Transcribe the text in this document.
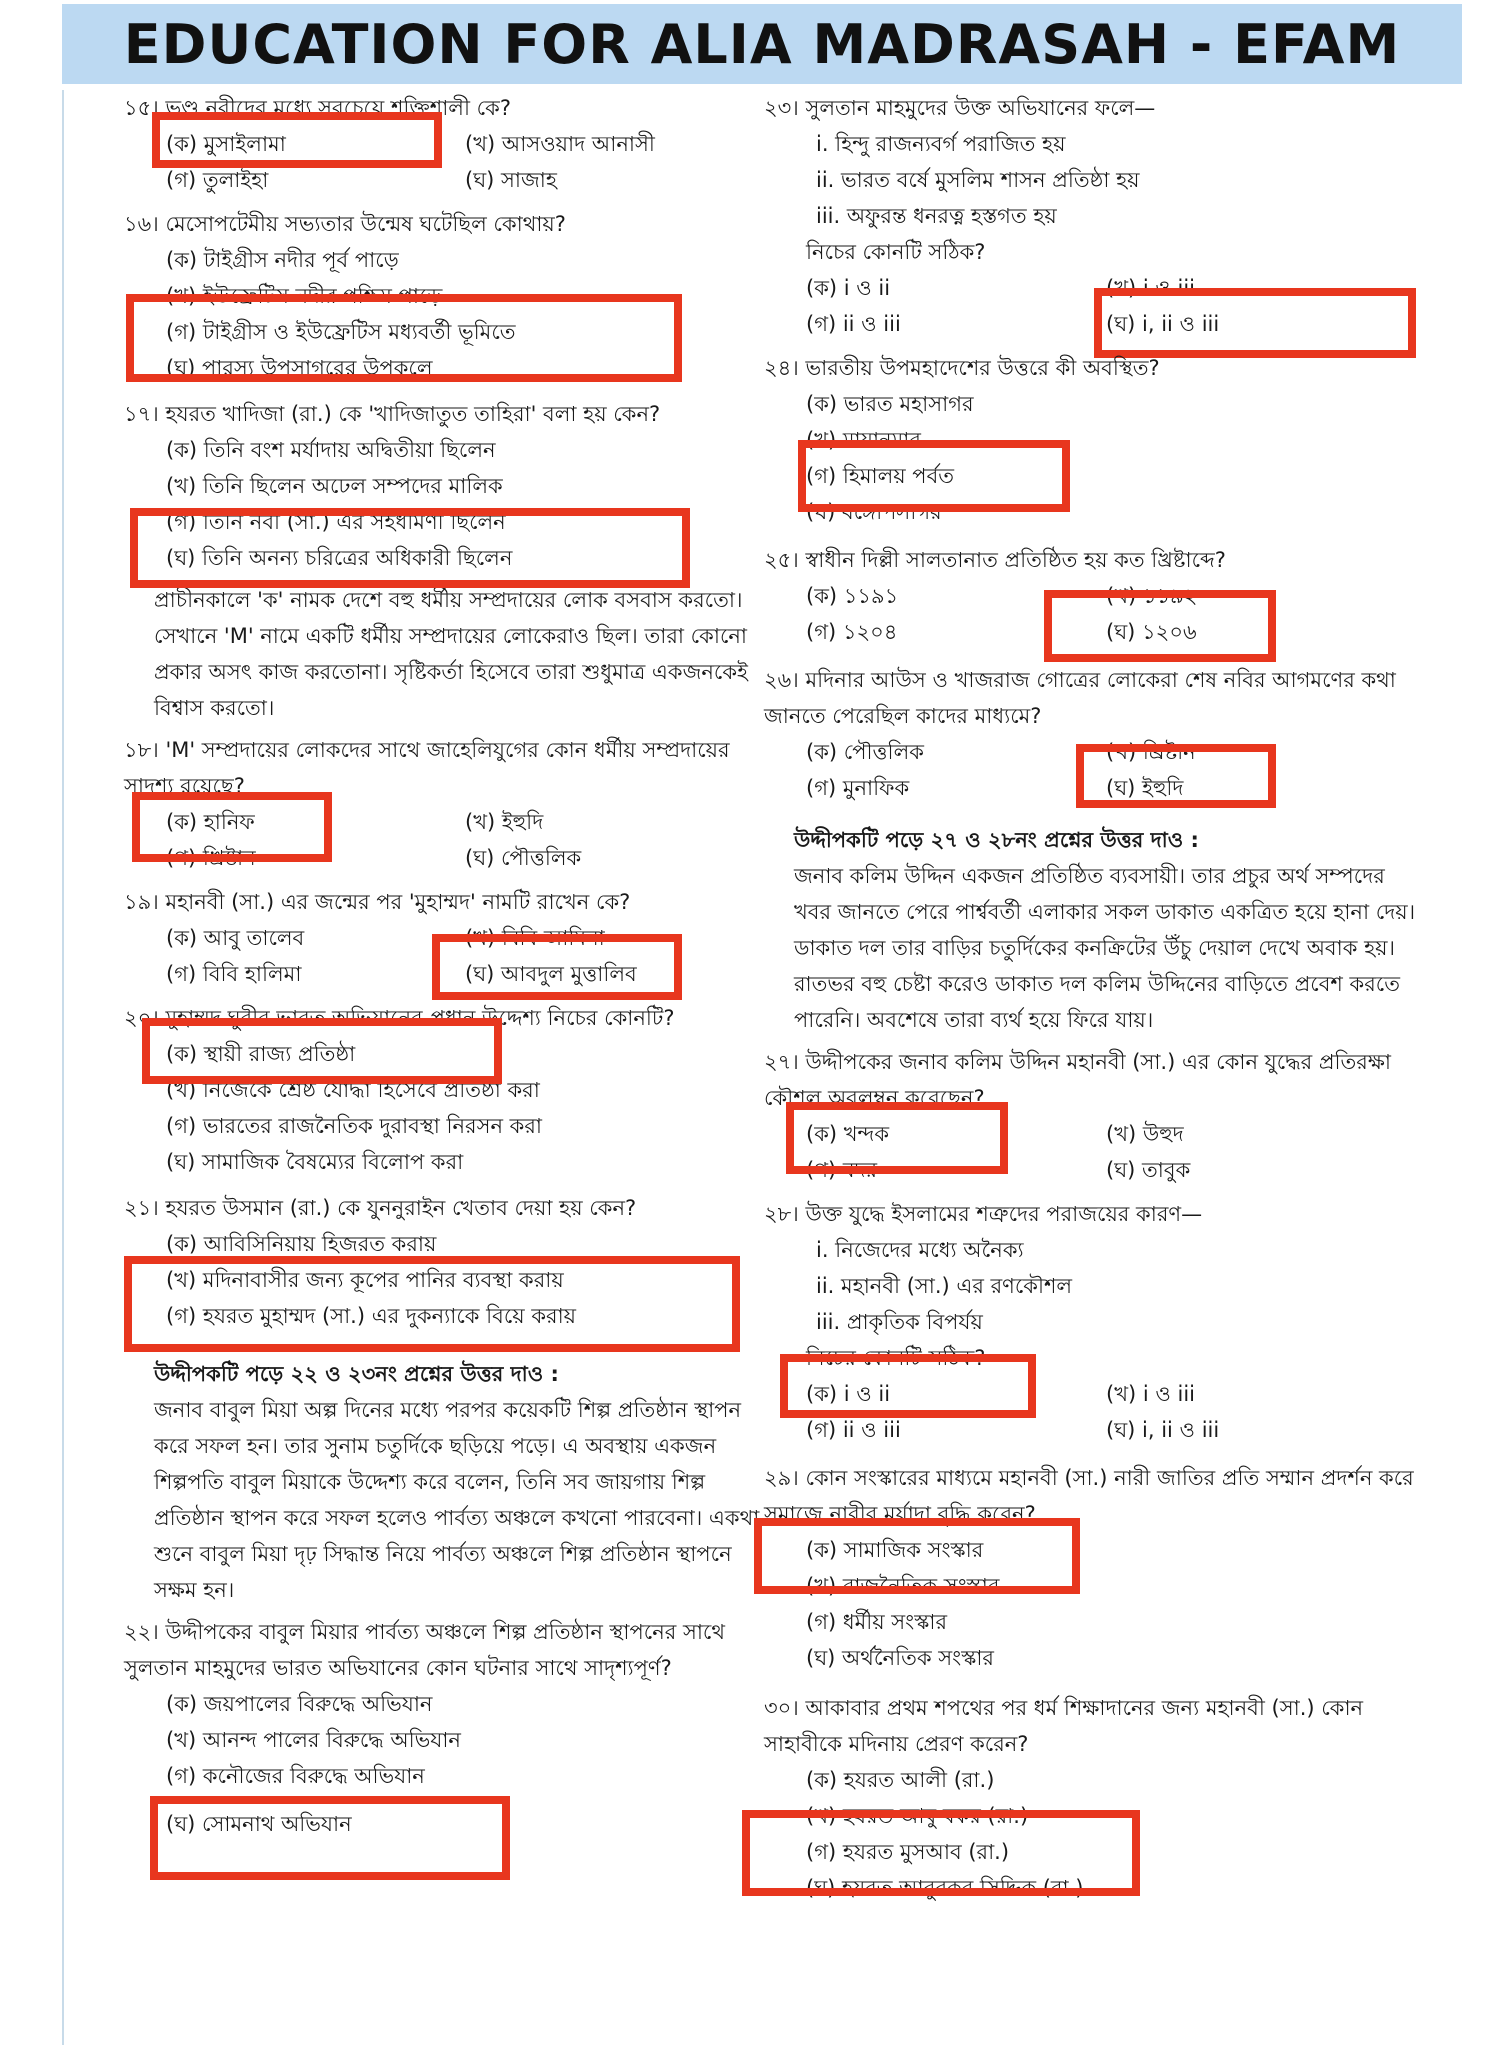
EDUCATION FOR ALIA MADRASAH - EFAM
১৫। ভণ্ড নবীদের মধ্যে সবচেয়ে শক্তিশালী কে?
(ক) মুসাইলামা	(খ) আসওয়াদ আনাসী
(গ) তুলাইহা	(ঘ) সাজাহ
১৬। মেসোপটেমীয় সভ্যতার উন্মেষ ঘটেছিল কোথায়?
(ক) টাইগ্রীস নদীর পূর্ব পাড়ে
(খ) ইউফ্রেটিস নদীর পশ্চিম পাড়ে
(গ) টাইগ্রীস ও ইউফ্রেটিস মধ্যবর্তী ভূমিতে
(ঘ) পারস্য উপসাগরের উপকূলে
১৭। হযরত খাদিজা (রা.) কে 'খাদিজাতুত তাহিরা' বলা হয় কেন?
(ক) তিনি বংশ মর্যাদায় অদ্বিতীয়া ছিলেন
(খ) তিনি ছিলেন অঢেল সম্পদের মালিক
(গ) তিনি নবী (সা.) এর সহধর্মিণী ছিলেন
(ঘ) তিনি অনন্য চরিত্রের অধিকারী ছিলেন
প্রাচীনকালে 'ক' নামক দেশে বহু ধর্মীয় সম্প্রদায়ের লোক বসবাস করতো। সেখানে 'M' নামে একটি ধর্মীয় সম্প্রদায়ের লোকেরাও ছিল। তারা কোনো প্রকার অসৎ কাজ করতোনা। সৃষ্টিকর্তা হিসেবে তারা শুধুমাত্র একজনকেই বিশ্বাস করতো।
১৮। 'M' সম্প্রদায়ের লোকদের সাথে জাহেলিযুগের কোন ধর্মীয় সম্প্রদায়ের সাদৃশ্য রয়েছে?
(ক) হানিফ	(খ) ইহুদি
(গ) খ্রিষ্টান	(ঘ) পৌত্তলিক
১৯। মহানবী (সা.) এর জন্মের পর 'মুহাম্মদ' নামটি রাখেন কে?
(ক) আবু তালেব	(খ) বিবি আমিনা
(গ) বিবি হালিমা	(ঘ) আবদুল মুত্তালিব
২০। মুহাম্মদ ঘুরীর ভারত অভিযানের প্রধান উদ্দেশ্য নিচের কোনটি?
(ক) স্থায়ী রাজ্য প্রতিষ্ঠা
(খ) নিজেকে শ্রেষ্ঠ যোদ্ধা হিসেবে প্রতিষ্ঠা করা
(গ) ভারতের রাজনৈতিক দুরাবস্থা নিরসন করা
(ঘ) সামাজিক বৈষম্যের বিলোপ করা
২১। হযরত উসমান (রা.) কে যুননুরাইন খেতাব দেয়া হয় কেন?
(ক) আবিসিনিয়ায় হিজরত করায়
(খ) মদিনাবাসীর জন্য কূপের পানির ব্যবস্থা করায়
(গ) হযরত মুহাম্মদ (সা.) এর দুকন্যাকে বিয়ে করায়
উদ্দীপকটি পড়ে ২২ ও ২৩নং প্রশ্নের উত্তর দাও :
জনাব বাবুল মিয়া অল্প দিনের মধ্যে পরপর কয়েকটি শিল্প প্রতিষ্ঠান স্থাপন করে সফল হন। তার সুনাম চতুর্দিকে ছড়িয়ে পড়ে। এ অবস্থায় একজন শিল্পপতি বাবুল মিয়াকে উদ্দেশ্য করে বলেন, তিনি সব জায়গায় শিল্প প্রতিষ্ঠান স্থাপন করে সফল হলেও পার্বত্য অঞ্চলে কখনো পারবেনা। একথা শুনে বাবুল মিয়া দৃঢ় সিদ্ধান্ত নিয়ে পার্বত্য অঞ্চলে শিল্প প্রতিষ্ঠান স্থাপনে সক্ষম হন।
২২। উদ্দীপকের বাবুল মিয়ার পার্বত্য অঞ্চলে শিল্প প্রতিষ্ঠান স্থাপনের সাথে সুলতান মাহমুদের ভারত অভিযানের কোন ঘটনার সাথে সাদৃশ্যপূর্ণ?
(ক) জয়পালের বিরুদ্ধে অভিযান
(খ) আনন্দ পালের বিরুদ্ধে অভিযান
(গ) কনৌজের বিরুদ্ধে অভিযান
(ঘ) সোমনাথ অভিযান
২৩। সুলতান মাহমুদের উক্ত অভিযানের ফলে—
i. হিন্দু রাজন্যবর্গ পরাজিত হয়
ii. ভারত বর্ষে মুসলিম শাসন প্রতিষ্ঠা হয়
iii. অফুরন্ত ধনরত্ন হস্তগত হয়
নিচের কোনটি সঠিক?
(ক) i ও ii	(খ) i ও iii
(গ) ii ও iii	(ঘ) i, ii ও iii
২৪। ভারতীয় উপমহাদেশের উত্তরে কী অবস্থিত?
(ক) ভারত মহাসাগর
(খ) মায়ানমার
(গ) হিমালয় পর্বত
(ঘ) বঙ্গোপসাগর
২৫। স্বাধীন দিল্লী সালতানাত প্রতিষ্ঠিত হয় কত খ্রিষ্টাব্দে?
(ক) ১১৯১	(খ) ১১৯২
(গ) ১২০৪	(ঘ) ১২০৬
২৬। মদিনার আউস ও খাজরাজ গোত্রের লোকেরা শেষ নবির আগমণের কথা জানতে পেরেছিল কাদের মাধ্যমে?
(ক) পৌত্তলিক	(খ) খ্রিষ্টান
(গ) মুনাফিক	(ঘ) ইহুদি
উদ্দীপকটি পড়ে ২৭ ও ২৮নং প্রশ্নের উত্তর দাও :
জনাব কলিম উদ্দিন একজন প্রতিষ্ঠিত ব্যবসায়ী। তার প্রচুর অর্থ সম্পদের খবর জানতে পেরে পার্শ্ববর্তী এলাকার সকল ডাকাত একত্রিত হয়ে হানা দেয়। ডাকাত দল তার বাড়ির চতুর্দিকের কনক্রিটের উঁচু দেয়াল দেখে অবাক হয়। রাতভর বহু চেষ্টা করেও ডাকাত দল কলিম উদ্দিনের বাড়িতে প্রবেশ করতে পারেনি। অবশেষে তারা ব্যর্থ হয়ে ফিরে যায়।
২৭। উদ্দীপকের জনাব কলিম উদ্দিন মহানবী (সা.) এর কোন যুদ্ধের প্রতিরক্ষা কৌশল অবলম্বন করেছেন?
(ক) খন্দক	(খ) উহুদ
(গ) বদর	(ঘ) তাবুক
২৮। উক্ত যুদ্ধে ইসলামের শত্রুদের পরাজয়ের কারণ—
i. নিজেদের মধ্যে অনৈক্য
ii. মহানবী (সা.) এর রণকৌশল
iii. প্রাকৃতিক বিপর্যয়
নিচের কোনটি সঠিক?
(ক) i ও ii	(খ) i ও iii
(গ) ii ও iii	(ঘ) i, ii ও iii
২৯। কোন সংস্কারের মাধ্যমে মহানবী (সা.) নারী জাতির প্রতি সম্মান প্রদর্শন করে সমাজে নারীর মর্যাদা বৃদ্ধি করেন?
(ক) সামাজিক সংস্কার
(খ) রাজনৈতিক সংস্কার
(গ) ধর্মীয় সংস্কার
(ঘ) অর্থনৈতিক সংস্কার
৩০। আকাবার প্রথম শপথের পর ধর্ম শিক্ষাদানের জন্য মহানবী (সা.) কোন সাহাবীকে মদিনায় প্রেরণ করেন?
(ক) হযরত আলী (রা.)
(খ) হযরত আবু বকর (রা.)
(গ) হযরত মুসআব (রা.)
(ঘ) হযরত আবুবকর সিদ্দিক (রা.)
